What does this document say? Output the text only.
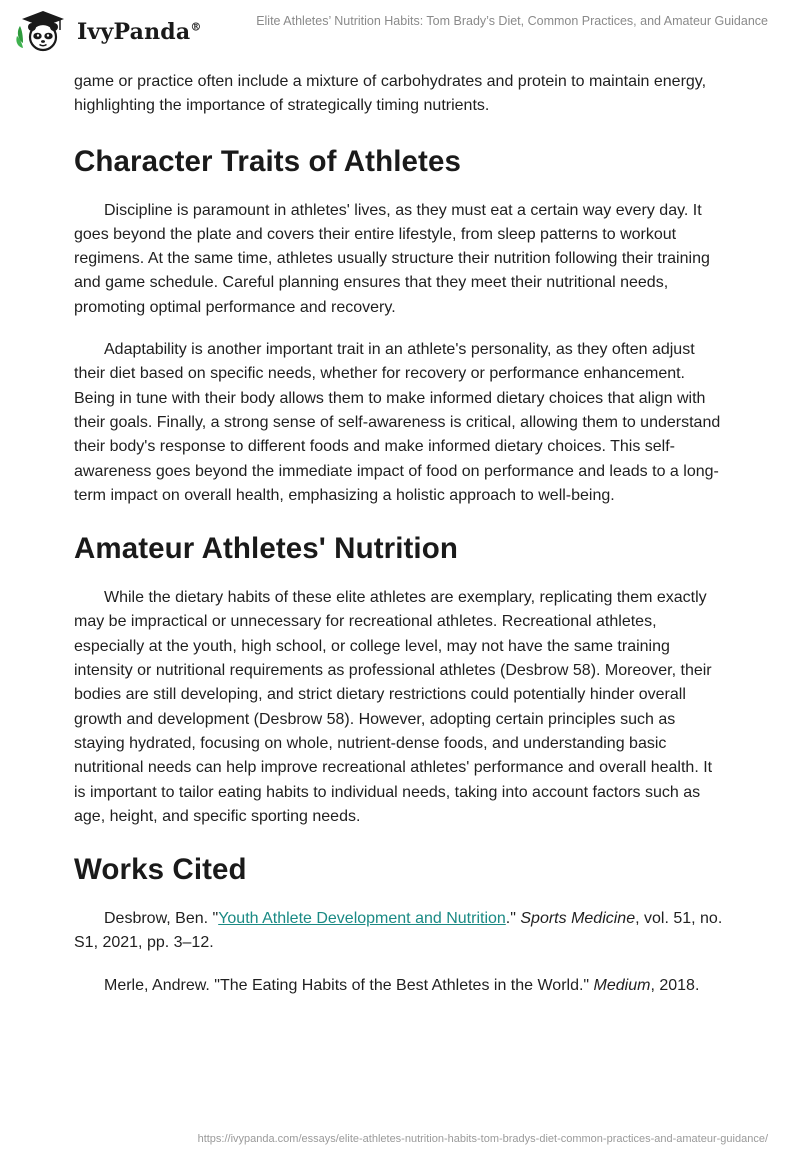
IvyPanda®	Elite Athletes’ Nutrition Habits: Tom Brady’s Diet, Common Practices, and Amateur Guidance

game or practice often include a mixture of carbohydrates and protein to maintain energy, highlighting the importance of strategically timing nutrients.

Character Traits of Athletes

Discipline is paramount in athletes' lives, as they must eat a certain way every day. It goes beyond the plate and covers their entire lifestyle, from sleep patterns to workout regimens. At the same time, athletes usually structure their nutrition following their training and game schedule. Careful planning ensures that they meet their nutritional needs, promoting optimal performance and recovery.

Adaptability is another important trait in an athlete's personality, as they often adjust their diet based on specific needs, whether for recovery or performance enhancement. Being in tune with their body allows them to make informed dietary choices that align with their goals. Finally, a strong sense of self-awareness is critical, allowing them to understand their body's response to different foods and make informed dietary choices. This self-awareness goes beyond the immediate impact of food on performance and leads to a long-term impact on overall health, emphasizing a holistic approach to well-being.

Amateur Athletes' Nutrition

While the dietary habits of these elite athletes are exemplary, replicating them exactly may be impractical or unnecessary for recreational athletes. Recreational athletes, especially at the youth, high school, or college level, may not have the same training intensity or nutritional requirements as professional athletes (Desbrow 58). Moreover, their bodies are still developing, and strict dietary restrictions could potentially hinder overall growth and development (Desbrow 58). However, adopting certain principles such as staying hydrated, focusing on whole, nutrient-dense foods, and understanding basic nutritional needs can help improve recreational athletes' performance and overall health. It is important to tailor eating habits to individual needs, taking into account factors such as age, height, and specific sporting needs.

Works Cited

Desbrow, Ben. "Youth Athlete Development and Nutrition." Sports Medicine, vol. 51, no. S1, 2021, pp. 3–12.

Merle, Andrew. "The Eating Habits of the Best Athletes in the World." Medium, 2018.

https://ivypanda.com/essays/elite-athletes-nutrition-habits-tom-bradys-diet-common-practices-and-amateur-guidance/
